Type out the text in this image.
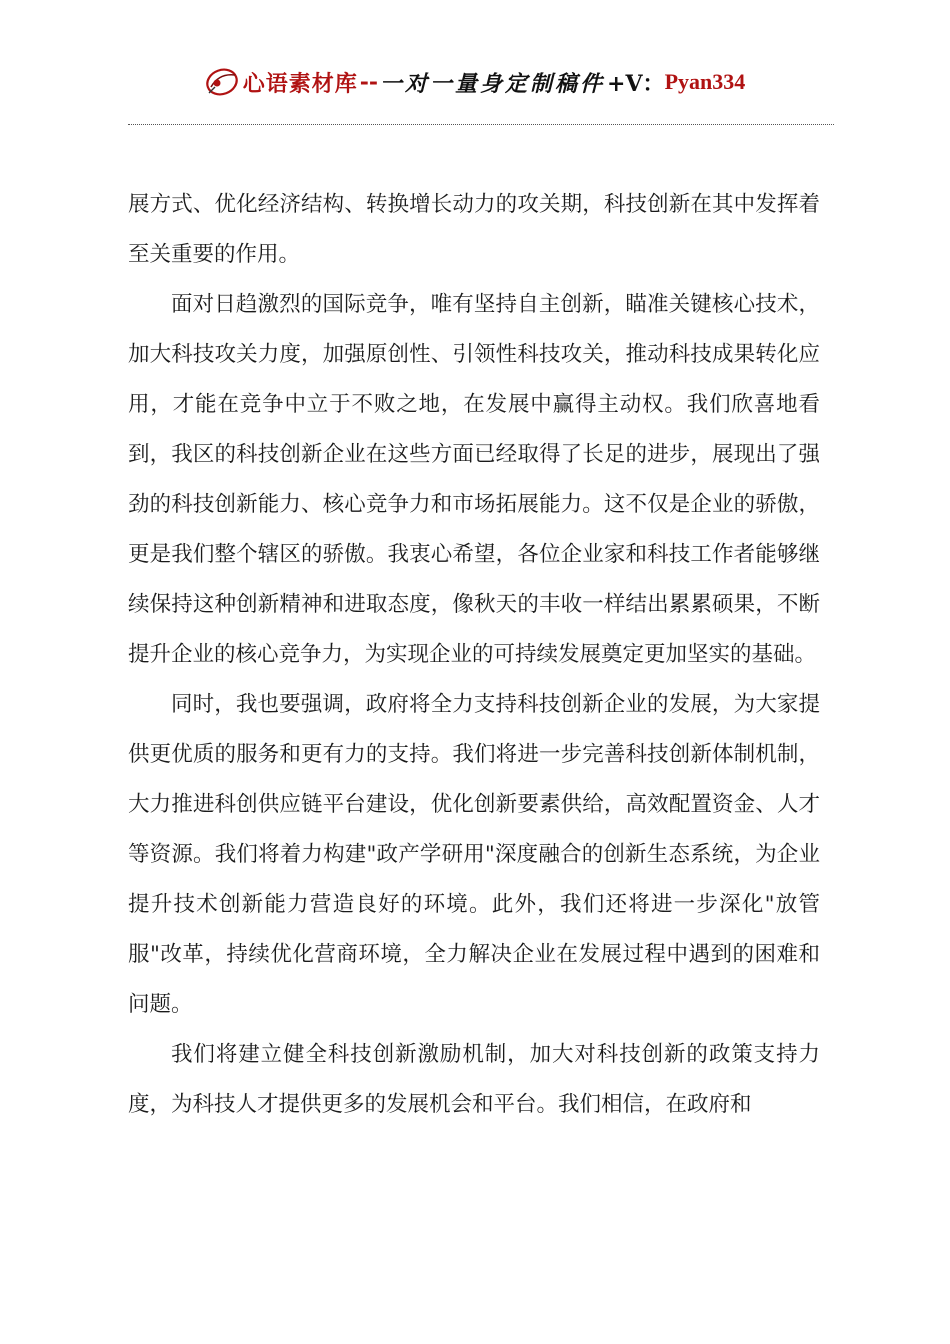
心语素材库 -- 一对一量身定制稿件 +V： Pyan334

展方式、优化经济结构、转换增长动力的攻关期，科技创新在其中发挥着至关重要的作用。

面对日趋激烈的国际竞争，唯有坚持自主创新，瞄准关键核心技术，加大科技攻关力度，加强原创性、引领性科技攻关，推动科技成果转化应用，才能在竞争中立于不败之地，在发展中赢得主动权。我们欣喜地看到，我区的科技创新企业在这些方面已经取得了长足的进步，展现出了强劲的科技创新能力、核心竞争力和市场拓展能力。这不仅是企业的骄傲，更是我们整个辖区的骄傲。我衷心希望，各位企业家和科技工作者能够继续保持这种创新精神和进取态度，像秋天的丰收一样结出累累硕果，不断提升企业的核心竞争力，为实现企业的可持续发展奠定更加坚实的基础。

同时，我也要强调，政府将全力支持科技创新企业的发展，为大家提供更优质的服务和更有力的支持。我们将进一步完善科技创新体制机制，大力推进科创供应链平台建设，优化创新要素供给，高效配置资金、人才等资源。我们将着力构建"政产学研用"深度融合的创新生态系统，为企业提升技术创新能力营造良好的环境。此外，我们还将进一步深化"放管服"改革，持续优化营商环境，全力解决企业在发展过程中遇到的困难和问题。

我们将建立健全科技创新激励机制，加大对科技创新的政策支持力度，为科技人才提供更多的发展机会和平台。我们相信，在政府和
